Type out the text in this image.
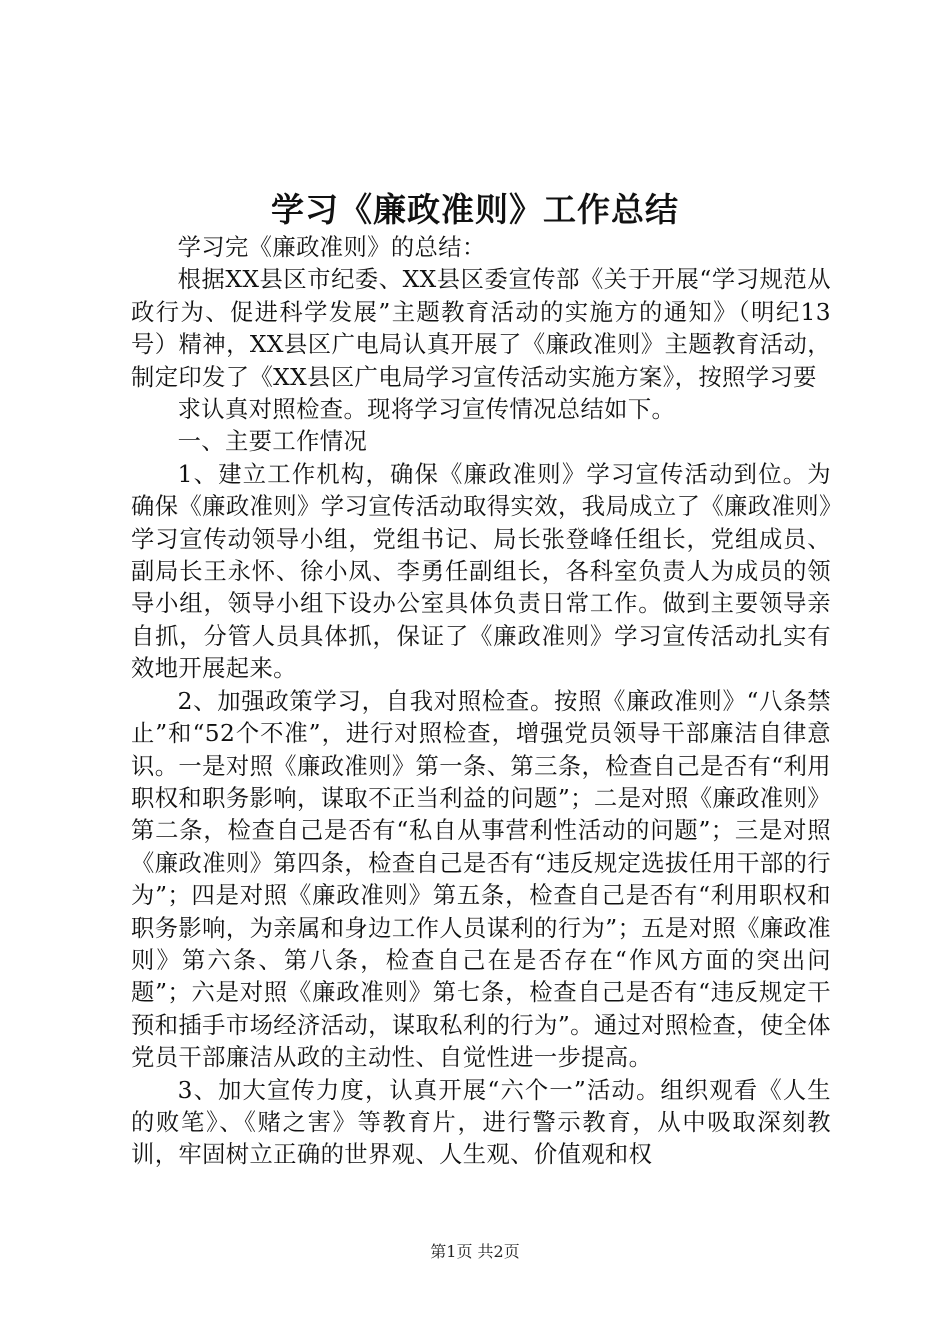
学习《廉政准则》工作总结

学习完《廉政准则》的总结：

根据XX县区市纪委、XX县区委宣传部《关于开展“学习规范从政行为、促进科学发展”主题教育活动的实施方的通知》（明纪13号）精神，XX县区广电局认真开展了《廉政准则》主题教育活动，制定印发了《XX县区广电局学习宣传活动实施方案》，按照学习要

求认真对照检查。现将学习宣传情况总结如下。

一、主要工作情况

1、建立工作机构，确保《廉政准则》学习宣传活动到位。为确保《廉政准则》学习宣传活动取得实效，我局成立了《廉政准则》学习宣传动领导小组，党组书记、局长张登峰任组长，党组成员、副局长王永怀、徐小凤、李勇任副组长，各科室负责人为成员的领导小组，领导小组下设办公室具体负责日常工作。做到主要领导亲自抓，分管人员具体抓，保证了《廉政准则》学习宣传活动扎实有效地开展起来。

2、加强政策学习，自我对照检查。按照《廉政准则》“八条禁止”和“52个不准”，进行对照检查，增强党员领导干部廉洁自律意识。一是对照《廉政准则》第一条、第三条，检查自己是否有“利用职权和职务影响，谋取不正当利益的问题”；二是对照《廉政准则》第二条，检查自己是否有“私自从事营利性活动的问题”；三是对照《廉政准则》第四条，检查自己是否有“违反规定选拔任用干部的行为”；四是对照《廉政准则》第五条，检查自己是否有“利用职权和职务影响，为亲属和身边工作人员谋利的行为”；五是对照《廉政准则》第六条、第八条，检查自己在是否存在“作风方面的突出问题”；六是对照《廉政准则》第七条，检查自己是否有“违反规定干预和插手市场经济活动，谋取私利的行为”。通过对照检查，使全体党员干部廉洁从政的主动性、自觉性进一步提高。

3、加大宣传力度，认真开展“六个一”活动。组织观看《人生的败笔》、《赌之害》等教育片，进行警示教育，从中吸取深刻教训，牢固树立正确的世界观、人生观、价值观和权

第1页 共2页
